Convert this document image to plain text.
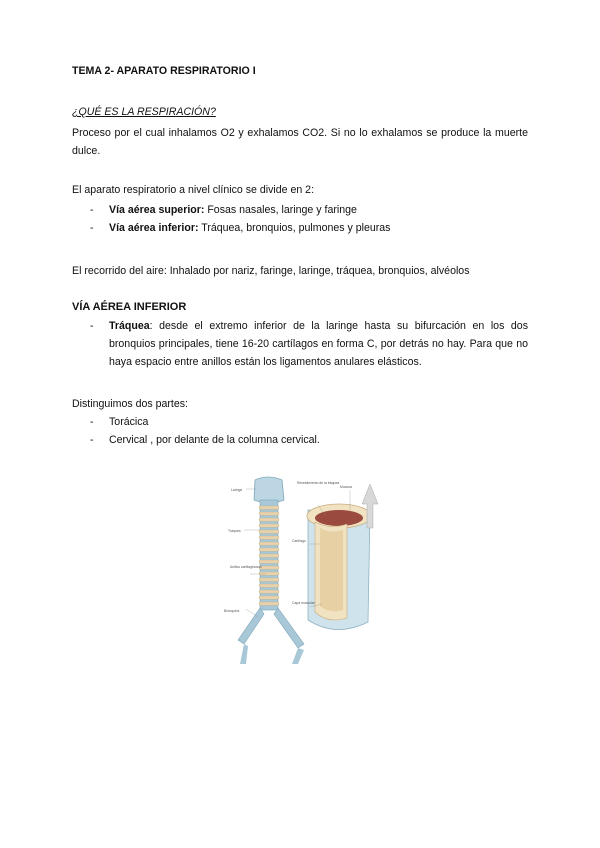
TEMA 2- APARATO RESPIRATORIO I

¿QUÉ ES LA RESPIRACIÓN?

Proceso por el cual inhalamos O2 y exhalamos CO2. Si no lo exhalamos se produce la muerte dulce.

El aparato respiratorio a nivel clínico se divide en 2:

- Vía aérea superior: Fosas nasales, laringe y faringe
- Vía aérea inferior: Tráquea, bronquios, pulmones y pleuras

El recorrido del aire: Inhalado por nariz, faringe, laringe, tráquea, bronquios, alvéolos

VÍA AÉREA INFERIOR

- Tráquea: desde el extremo inferior de la laringe hasta su bifurcación en los dos bronquios principales, tiene 16-20 cartílagos en forma C, por detrás no hay. Para que no haya espacio entre anillos están los ligamentos anulares elásticos.

Distinguimos dos partes:

- Torácica
- Cervical , por delante de la columna cervical.
Laringe
Tráquea
Anillos cartilaginosos
Bronquios
Revestimiento de la tráquea
Mucosa
Cartílago
Capa muscular
